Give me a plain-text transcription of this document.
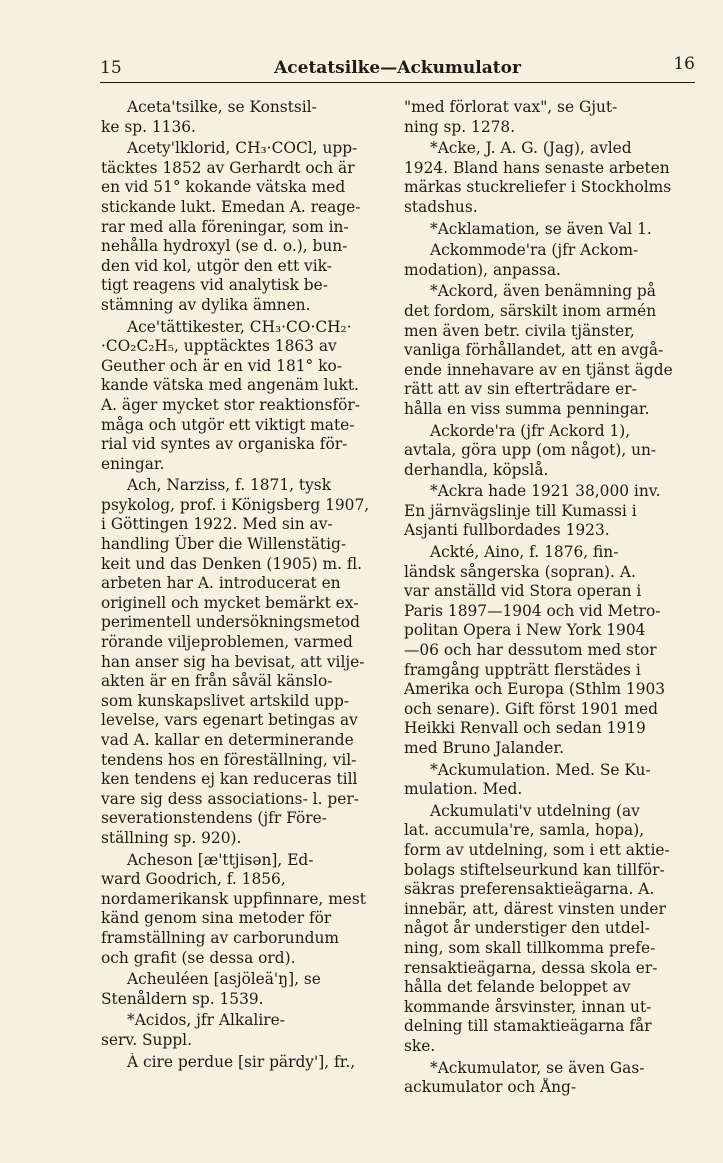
15	Acetatsilke—Ackumulator	16
Aceta'tsilke, se Konstsil-
ke sp. 1136.
Acety'lklorid, CH₃·COCl, upp-
täcktes 1852 av Gerhardt och är
en vid 51° kokande vätska med
stickande lukt. Emedan A. reage-
rar med alla föreningar, som in-
nehålla hydroxyl (se d. o.), bun-
den vid kol, utgör den ett vik-
tigt reagens vid analytisk be-
stämning av dylika ämnen.
Ace'tättikester, CH₃·CO·CH₂·
·CO₂C₂H₅, upptäcktes 1863 av
Geuther och är en vid 181° ko-
kande vätska med angenäm lukt.
A. äger mycket stor reaktionsför-
måga och utgör ett viktigt mate-
rial vid syntes av organiska för-
eningar.
Ach, Narziss, f. 1871, tysk
psykolog, prof. i Königsberg 1907,
i Göttingen 1922. Med sin av-
handling Über die Willenstätig-
keit und das Denken (1905) m. fl.
arbeten har A. introducerat en
originell och mycket bemärkt ex-
perimentell undersökningsmetod
rörande viljeproblemen, varmed
han anser sig ha bevisat, att vilje-
akten är en från såväl känslo-
som kunskapslivet artskild upp-
levelse, vars egenart betingas av
vad A. kallar en determinerande
tendens hos en föreställning, vil-
ken tendens ej kan reduceras till
vare sig dess associations- l. per-
severationstendens (jfr Före-
ställning sp. 920).
Acheson [æ'ttjisən], Ed-
ward Goodrich, f. 1856,
nordamerikansk uppfinnare, mest
känd genom sina metoder för
framställning av carborundum
och grafit (se dessa ord).
Acheuléen [asjöleä'ŋ], se
Stenåldern sp. 1539.
*Acidos, jfr Alkalire-
serv. Suppl.
À cire perdue [sir pärdy'], fr.,
"med förlorat vax", se Gjut-
ning sp. 1278.
*Acke, J. A. G. (Jag), avled
1924. Bland hans senaste arbeten
märkas stuckreliefer i Stockholms
stadshus.
*Acklamation, se även Val 1.
Ackommode'ra (jfr Ackom-
modation), anpassa.
*Ackord, även benämning på
det fordom, särskilt inom armén
men även betr. civila tjänster,
vanliga förhållandet, att en avgå-
ende innehavare av en tjänst ägde
rätt att av sin efterträdare er-
hålla en viss summa penningar.
Ackorde'ra (jfr Ackord 1),
avtala, göra upp (om något), un-
derhandla, köpslå.
*Ackra hade 1921 38,000 inv.
En järnvägslinje till Kumassi i
Asjanti fullbordades 1923.
Ackté, Aino, f. 1876, fin-
ländsk sångerska (sopran). A.
var anställd vid Stora operan i
Paris 1897—1904 och vid Metro-
politan Opera i New York 1904
—06 och har dessutom med stor
framgång uppträtt flerstädes i
Amerika och Europa (Sthlm 1903
och senare). Gift först 1901 med
Heikki Renvall och sedan 1919
med Bruno Jalander.
*Ackumulation. Med. Se Ku-
mulation. Med.
Ackumulati'v utdelning (av
lat. accumula're, samla, hopa),
form av utdelning, som i ett aktie-
bolags stiftelseurkund kan tillför-
säkras preferensaktieägarna. A.
innebär, att, därest vinsten under
något år understiger den utdel-
ning, som skall tillkomma prefe-
rensaktieägarna, dessa skola er-
hålla det felande beloppet av
kommande årsvinster, innan ut-
delning till stamaktieägarna får
ske.
*Ackumulator, se även Gas-
ackumulator och Ång-
